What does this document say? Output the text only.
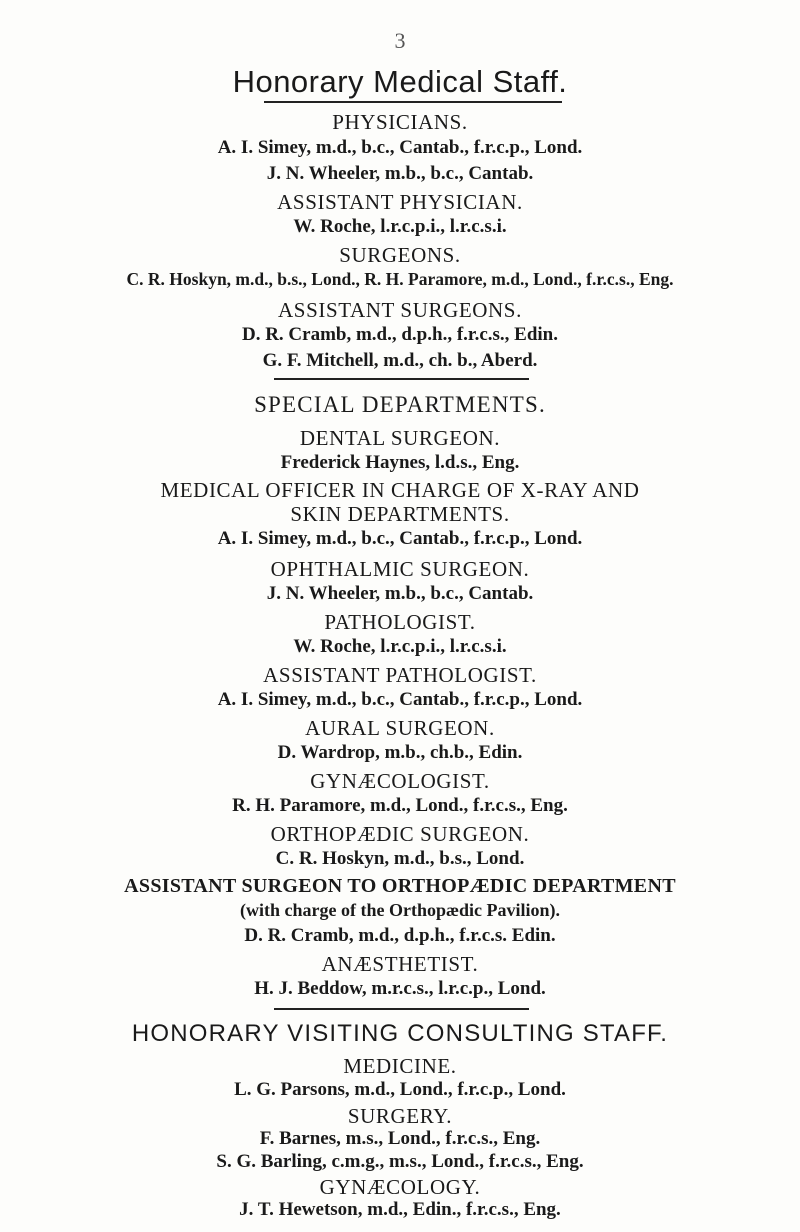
3
Honorary Medical Staff.
PHYSICIANS.
A. I. Simey, m.d., b.c., Cantab., f.r.c.p., Lond.
J. N. Wheeler, m.b., b.c., Cantab.
ASSISTANT PHYSICIAN.
W. Roche, l.r.c.p.i., l.r.c.s.i.
SURGEONS.
C. R. Hoskyn, m.d., b.s., Lond., R. H. Paramore, m.d., Lond., f.r.c.s., Eng.
ASSISTANT SURGEONS.
D. R. Cramb, m.d., d.p.h., f.r.c.s., Edin.
G. F. Mitchell, m.d., ch. b., Aberd.
SPECIAL DEPARTMENTS.
DENTAL SURGEON.
Frederick Haynes, l.d.s., Eng.
MEDICAL OFFICER IN CHARGE OF X-RAY AND
SKIN DEPARTMENTS.
A. I. Simey, m.d., b.c., Cantab., f.r.c.p., Lond.
OPHTHALMIC SURGEON.
J. N. Wheeler, m.b., b.c., Cantab.
PATHOLOGIST.
W. Roche, l.r.c.p.i., l.r.c.s.i.
ASSISTANT PATHOLOGIST.
A. I. Simey, m.d., b.c., Cantab., f.r.c.p., Lond.
AURAL SURGEON.
D. Wardrop, m.b., ch.b., Edin.
GYNÆCOLOGIST.
R. H. Paramore, m.d., Lond., f.r.c.s., Eng.
ORTHOPÆDIC SURGEON.
C. R. Hoskyn, m.d., b.s., Lond.
ASSISTANT SURGEON TO ORTHOPÆDIC DEPARTMENT
(with charge of the Orthopædic Pavilion).
D. R. Cramb, m.d., d.p.h., f.r.c.s. Edin.
ANÆSTHETIST.
H. J. Beddow, m.r.c.s., l.r.c.p., Lond.
HONORARY VISITING CONSULTING STAFF.
MEDICINE.
L. G. Parsons, m.d., Lond., f.r.c.p., Lond.
SURGERY.
F. Barnes, m.s., Lond., f.r.c.s., Eng.
S. G. Barling, c.m.g., m.s., Lond., f.r.c.s., Eng.
GYNÆCOLOGY.
J. T. Hewetson, m.d., Edin., f.r.c.s., Eng.
